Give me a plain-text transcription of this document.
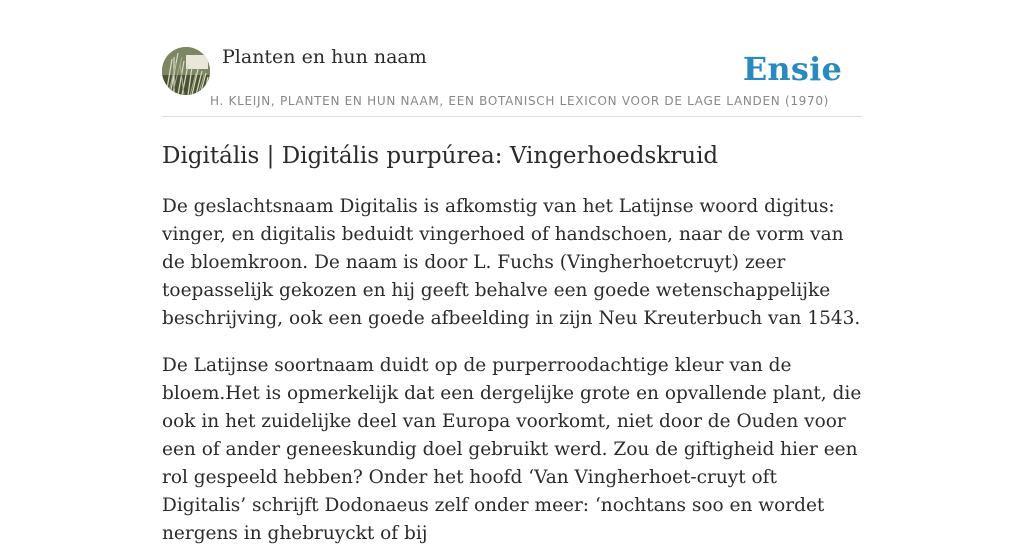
Planten en hun naam	Ensie
H. KLEIJN, PLANTEN EN HUN NAAM, EEN BOTANISCH LEXICON VOOR DE LAGE LANDEN (1970)
Digitális | Digitális purpúrea: Vingerhoedskruid

De geslachtsnaam Digitalis is afkomstig van het Latijnse woord digitus: vinger, en digitalis beduidt vingerhoed of handschoen, naar de vorm van de bloemkroon. De naam is door L. Fuchs (Vingherhoetcruyt) zeer toepasselijk gekozen en hij geeft behalve een goede wetenschappelijke beschrijving, ook een goede afbeelding in zijn Neu Kreuterbuch van 1543.

De Latijnse soortnaam duidt op de purperroodachtige kleur van de bloem.Het is opmerkelijk dat een dergelijke grote en opvallende plant, die ook in het zuidelijke deel van Europa voorkomt, niet door de Ouden voor een of ander geneeskundig doel gebruikt werd. Zou de giftigheid hier een rol gespeeld hebben? Onder het hoofd ‘Van Vingherhoet-cruyt oft Digitalis’ schrijft Dodonaeus zelf onder meer: ‘nochtans soo en wordet nergens in ghebruyckt of bij
